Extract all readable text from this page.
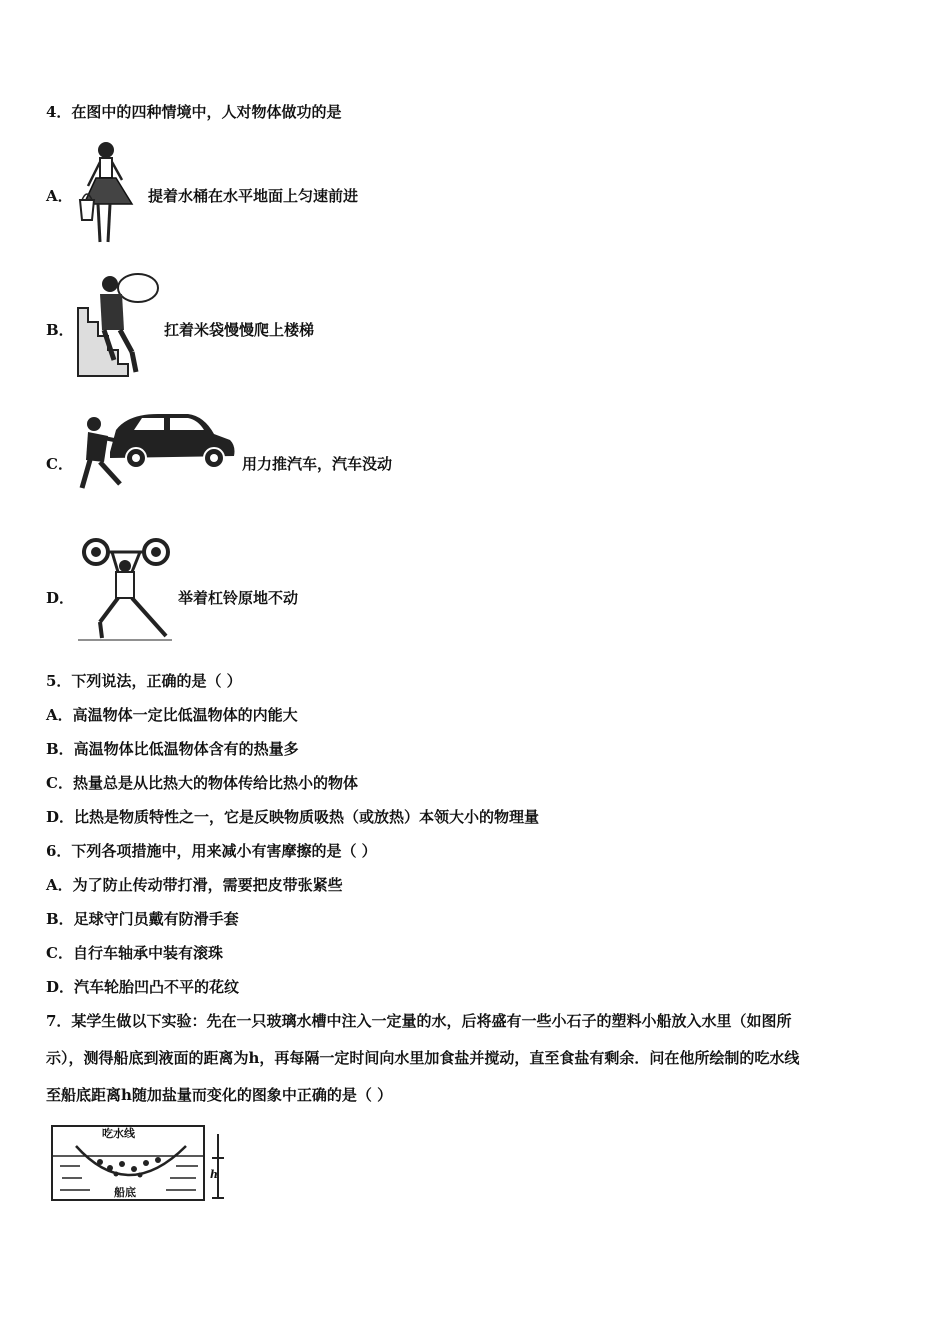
4．在图中的四种情境中，人对物体做功的是
A．	提着水桶在水平地面上匀速前进
B．	扛着米袋慢慢爬上楼梯
C．	用力推汽车，汽车没动
D．	举着杠铃原地不动
5．下列说法，正确的是（ ）
A．高温物体一定比低温物体的内能大
B．高温物体比低温物体含有的热量多
C．热量总是从比热大的物体传给比热小的物体
D．比热是物质特性之一，它是反映物质吸热（或放热）本领大小的物理量
6．下列各项措施中，用来减小有害摩擦的是（ ）
A．为了防止传动带打滑，需要把皮带张紧些
B．足球守门员戴有防滑手套
C．自行车轴承中装有滚珠
D．汽车轮胎凹凸不平的花纹
7．某学生做以下实验：先在一只玻璃水槽中注入一定量的水，后将盛有一些小石子的塑料小船放入水里（如图所
示），测得船底到液面的距离为h，再每隔一定时间向水里加食盐并搅动，直至食盐有剩余．问在他所绘制的吃水线
至船底距离h随加盐量而变化的图象中正确的是（ ）
吃水线
船底
h
